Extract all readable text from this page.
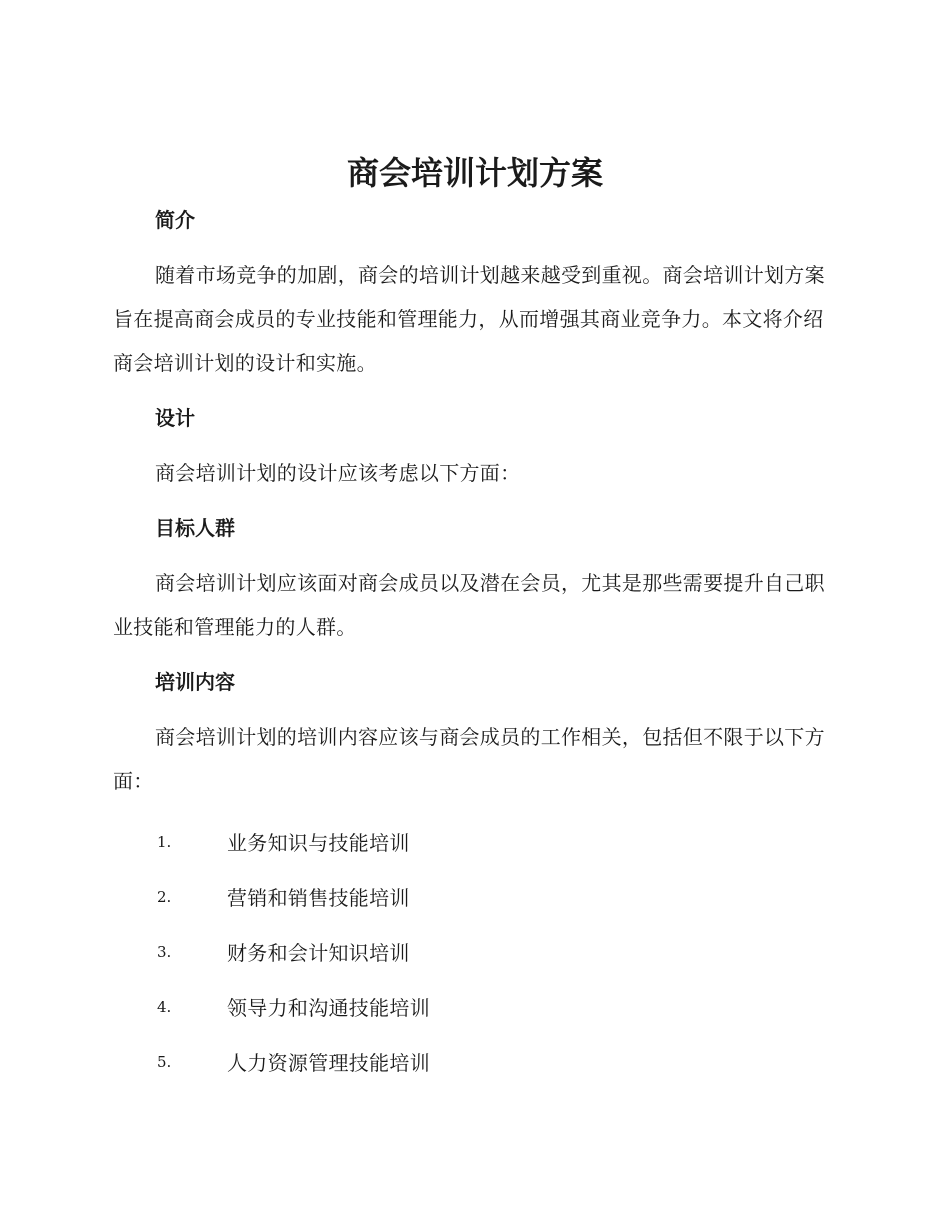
商会培训计划方案
简介

随着市场竞争的加剧，商会的培训计划越来越受到重视。商会培训计划方案旨在提高商会成员的专业技能和管理能力，从而增强其商业竞争力。本文将介绍商会培训计划的设计和实施。

设计

商会培训计划的设计应该考虑以下方面：

目标人群

商会培训计划应该面对商会成员以及潜在会员，尤其是那些需要提升自己职业技能和管理能力的人群。

培训内容

商会培训计划的培训内容应该与商会成员的工作相关，包括但不限于以下方面：

1.	业务知识与技能培训
2.	营销和销售技能培训
3.	财务和会计知识培训
4.	领导力和沟通技能培训
5.	人力资源管理技能培训
